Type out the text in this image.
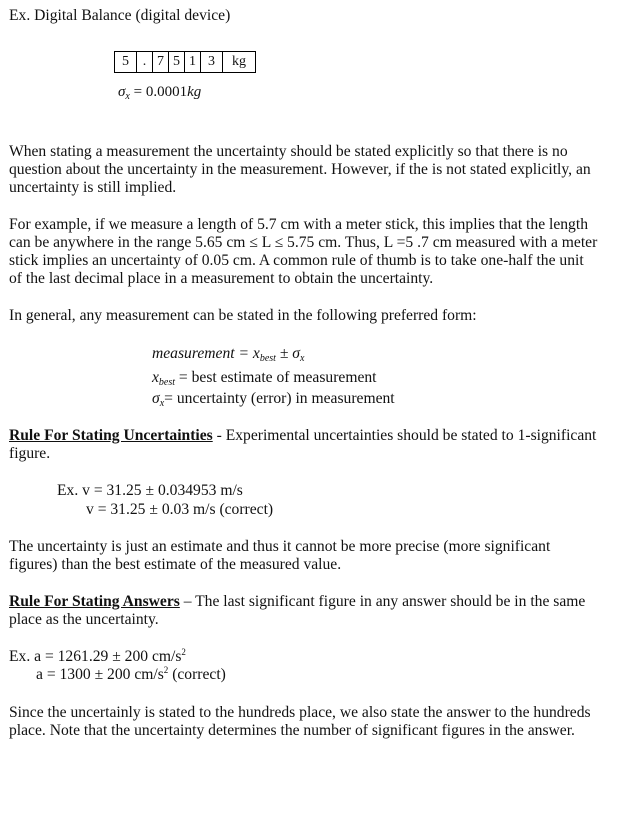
Ex. Digital Balance (digital device)

5 . 7 5 1 3	kg
$\sigma_x = 0.0001kg$

When stating a measurement the uncertainty should be stated explicitly so that there is no question about the uncertainty in the measurement. However, if the is not stated explicitly, an uncertainty is still implied.

For example, if we measure a length of 5.7 cm with a meter stick, this implies that the length can be anywhere in the range 5.65 cm ≤ L ≤ 5.75 cm. Thus, L =5 .7 cm measured with a meter stick implies an uncertainty of 0.05 cm. A common rule of thumb is to take one-half the unit of the last decimal place in a measurement to obtain the uncertainty.

In general, any measurement can be stated in the following preferred form:

measurement = $x_{best} \pm \sigma_x$
$x_{best}$ = best estimate of measurement
$\sigma_x=$ uncertainty (error) in measurement

Rule For Stating Uncertainties - Experimental uncertainties should be stated to 1-significant figure.

Ex. v = 31.25 ± 0.034953 m/s
v = 31.25 ± 0.03 m/s (correct)

The uncertainty is just an estimate and thus it cannot be more precise (more significant figures) than the best estimate of the measured value.

Rule For Stating Answers – The last significant figure in any answer should be in the same place as the uncertainty.

Ex. a = 1261.29 ± 200 $cm/s^2$
a = 1300 ± 200 $cm/s^2$ (correct)

Since the uncertainly is stated to the hundreds place, we also state the answer to the hundreds place. Note that the uncertainty determines the number of significant figures in the answer.
